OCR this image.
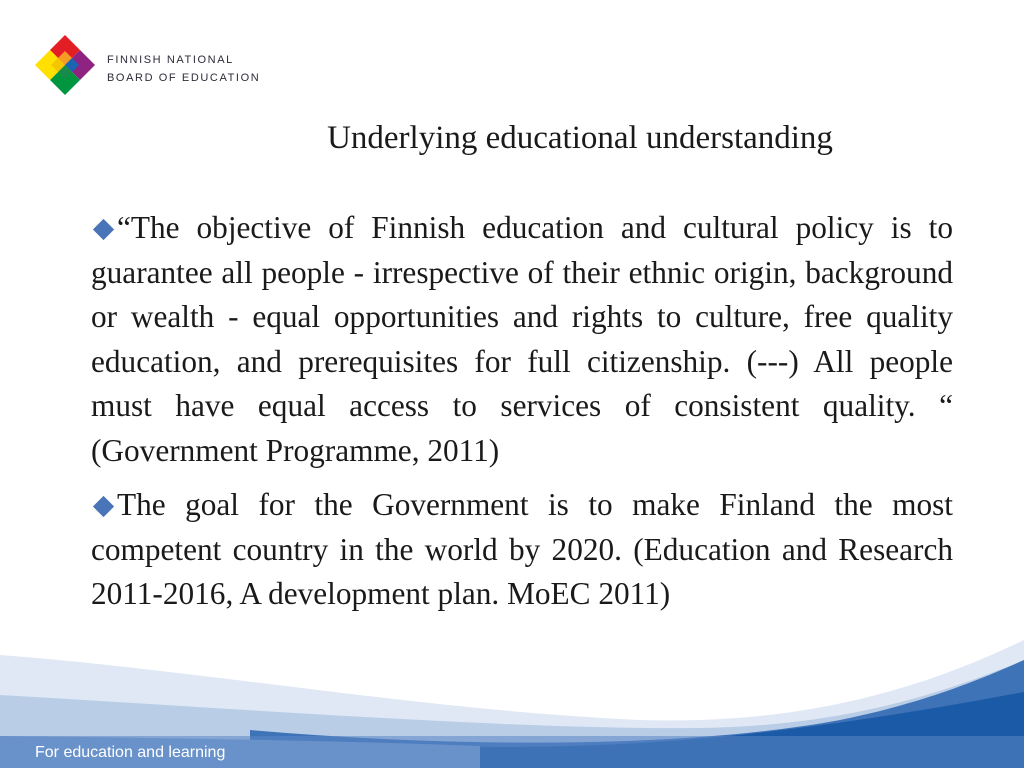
FINNISH NATIONAL
BOARD OF EDUCATION
Underlying educational understanding
“The objective of Finnish education and cultural policy is to guarantee all people - irrespective of their ethnic origin, background or wealth - equal opportunities and rights to culture, free quality education, and prerequisites for full citizenship. (---) All people must have equal access to services of consistent quality. “ (Government Programme, 2011)
The goal for the Government is to make Finland the most competent country in the world by 2020. (Education and Research 2011-2016, A development plan. MoEC 2011)
For education and learning
